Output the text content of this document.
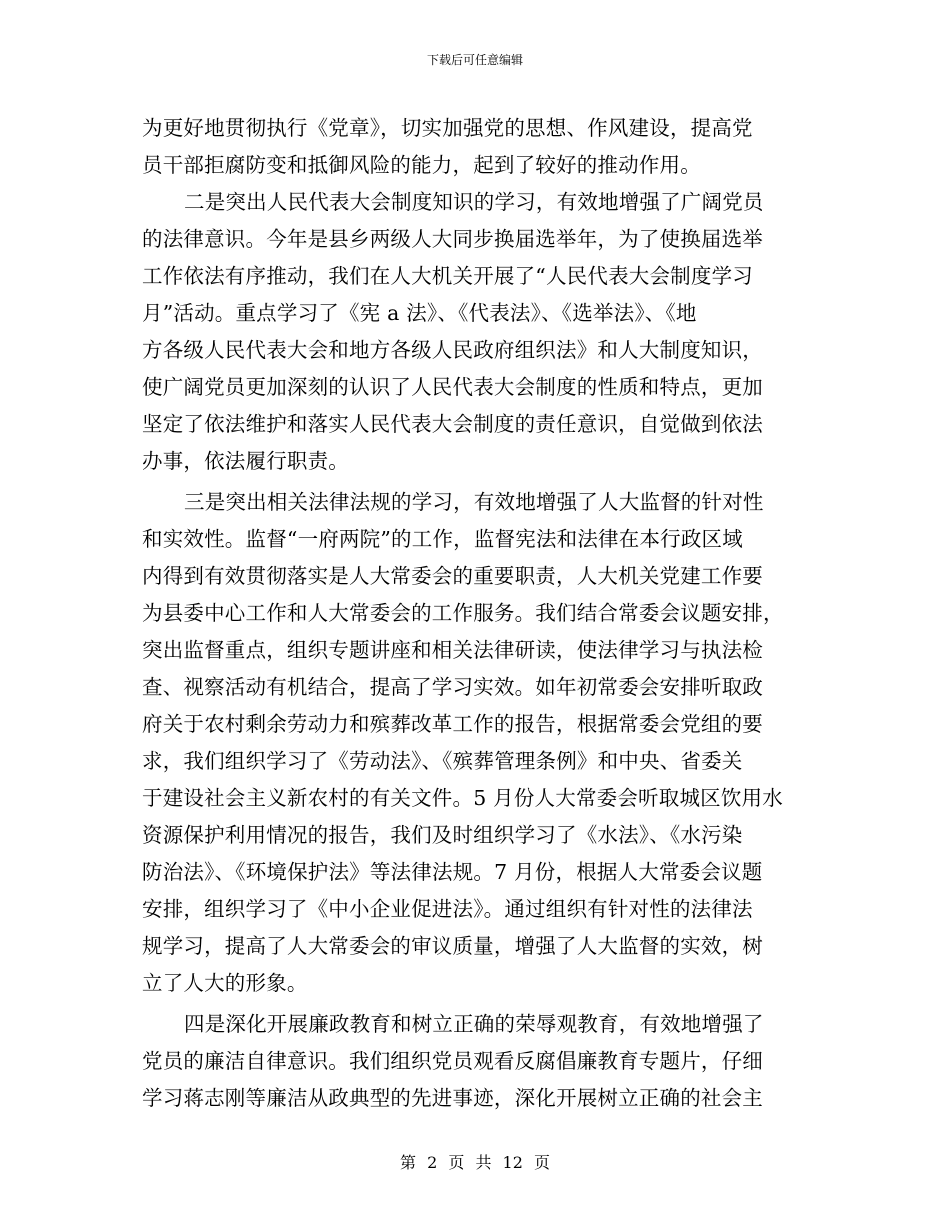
下载后可任意编辑
为更好地贯彻执行《党章》，切实加强党的思想、作风建设，提高党
员干部拒腐防变和抵御风险的能力，起到了较好的推动作用。
二是突出人民代表大会制度知识的学习，有效地增强了广阔党员
的法律意识。今年是县乡两级人大同步换届选举年，为了使换届选举
工作依法有序推动，我们在人大机关开展了“人民代表大会制度学习
月”活动。重点学习了《宪 a 法》、《代表法》、《选举法》、《地
方各级人民代表大会和地方各级人民政府组织法》和人大制度知识，
使广阔党员更加深刻的认识了人民代表大会制度的性质和特点，更加
坚定了依法维护和落实人民代表大会制度的责任意识，自觉做到依法
办事，依法履行职责。
三是突出相关法律法规的学习，有效地增强了人大监督的针对性
和实效性。监督“一府两院”的工作，监督宪法和法律在本行政区域
内得到有效贯彻落实是人大常委会的重要职责，人大机关党建工作要
为县委中心工作和人大常委会的工作服务。我们结合常委会议题安排，
突出监督重点，组织专题讲座和相关法律研读，使法律学习与执法检
查、视察活动有机结合，提高了学习实效。如年初常委会安排听取政
府关于农村剩余劳动力和殡葬改革工作的报告，根据常委会党组的要
求，我们组织学习了《劳动法》、《殡葬管理条例》和中央、省委关
于建设社会主义新农村的有关文件。5 月份人大常委会听取城区饮用水
资源保护利用情况的报告，我们及时组织学习了《水法》、《水污染
防治法》、《环境保护法》等法律法规。7 月份，根据人大常委会议题
安排，组织学习了《中小企业促进法》。通过组织有针对性的法律法
规学习，提高了人大常委会的审议质量，增强了人大监督的实效，树
立了人大的形象。
四是深化开展廉政教育和树立正确的荣辱观教育，有效地增强了
党员的廉洁自律意识。我们组织党员观看反腐倡廉教育专题片，仔细
学习蒋志刚等廉洁从政典型的先进事迹，深化开展树立正确的社会主
第 2 页 共 12 页
